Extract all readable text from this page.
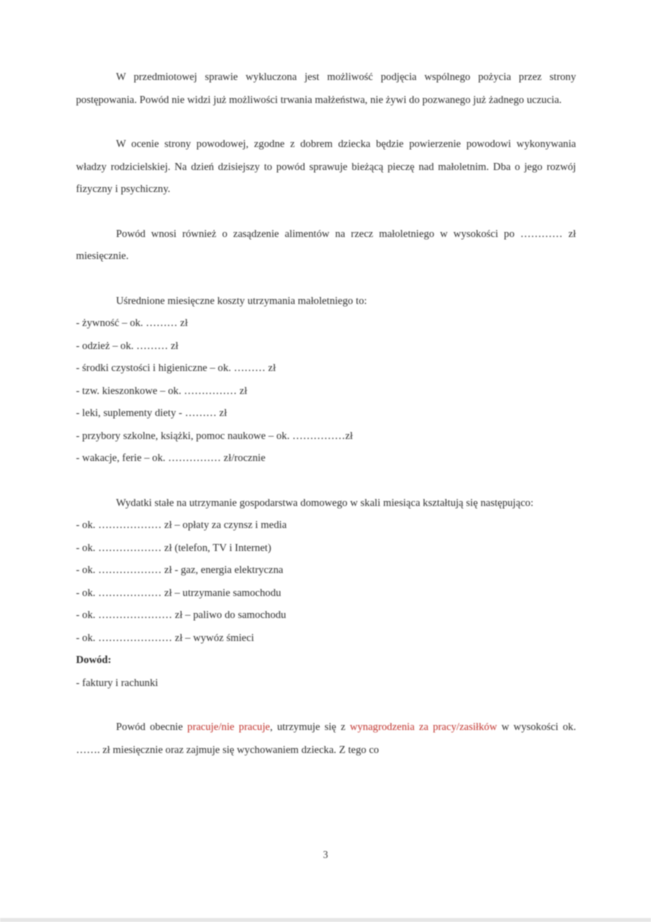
W przedmiotowej sprawie wykluczona jest możliwość podjęcia wspólnego pożycia przez strony postępowania. Powód nie widzi już możliwości trwania małżeństwa, nie żywi do pozwanego już żadnego uczucia.

W ocenie strony powodowej, zgodne z dobrem dziecka będzie powierzenie powodowi wykonywania władzy rodzicielskiej. Na dzień dzisiejszy to powód sprawuje bieżącą pieczę nad małoletnim. Dba o jego rozwój fizyczny i psychiczny.

Powód wnosi również o zasądzenie alimentów na rzecz małoletniego w wysokości po ………… zł miesięcznie.

Uśrednione miesięczne koszty utrzymania małoletniego to:

- żywność – ok. ……… zł
- odzież – ok. ……… zł
- środki czystości i higieniczne – ok. ……… zł
- tzw. kieszonkowe – ok. …………… zł
- leki, suplementy diety - ……… zł
- przybory szkolne, książki, pomoc naukowe – ok. ……………zł
- wakacje, ferie – ok. …………… zł/rocznie

Wydatki stałe na utrzymanie gospodarstwa domowego w skali miesiąca kształtują się następująco:

- ok. ……………… zł – opłaty za czynsz i media
- ok. ……………… zł (telefon, TV i Internet)
- ok. ……………… zł - gaz, energia elektryczna
- ok. ……………… zł – utrzymanie samochodu
- ok. ………………… zł – paliwo do samochodu
- ok. ………………… zł – wywóz śmieci
Dowód:
- faktury i rachunki

Powód obecnie pracuje/nie pracuje, utrzymuje się z wynagrodzenia za pracy/zasiłków w wysokości ok. ……. zł miesięcznie oraz zajmuje się wychowaniem dziecka. Z tego co

3
